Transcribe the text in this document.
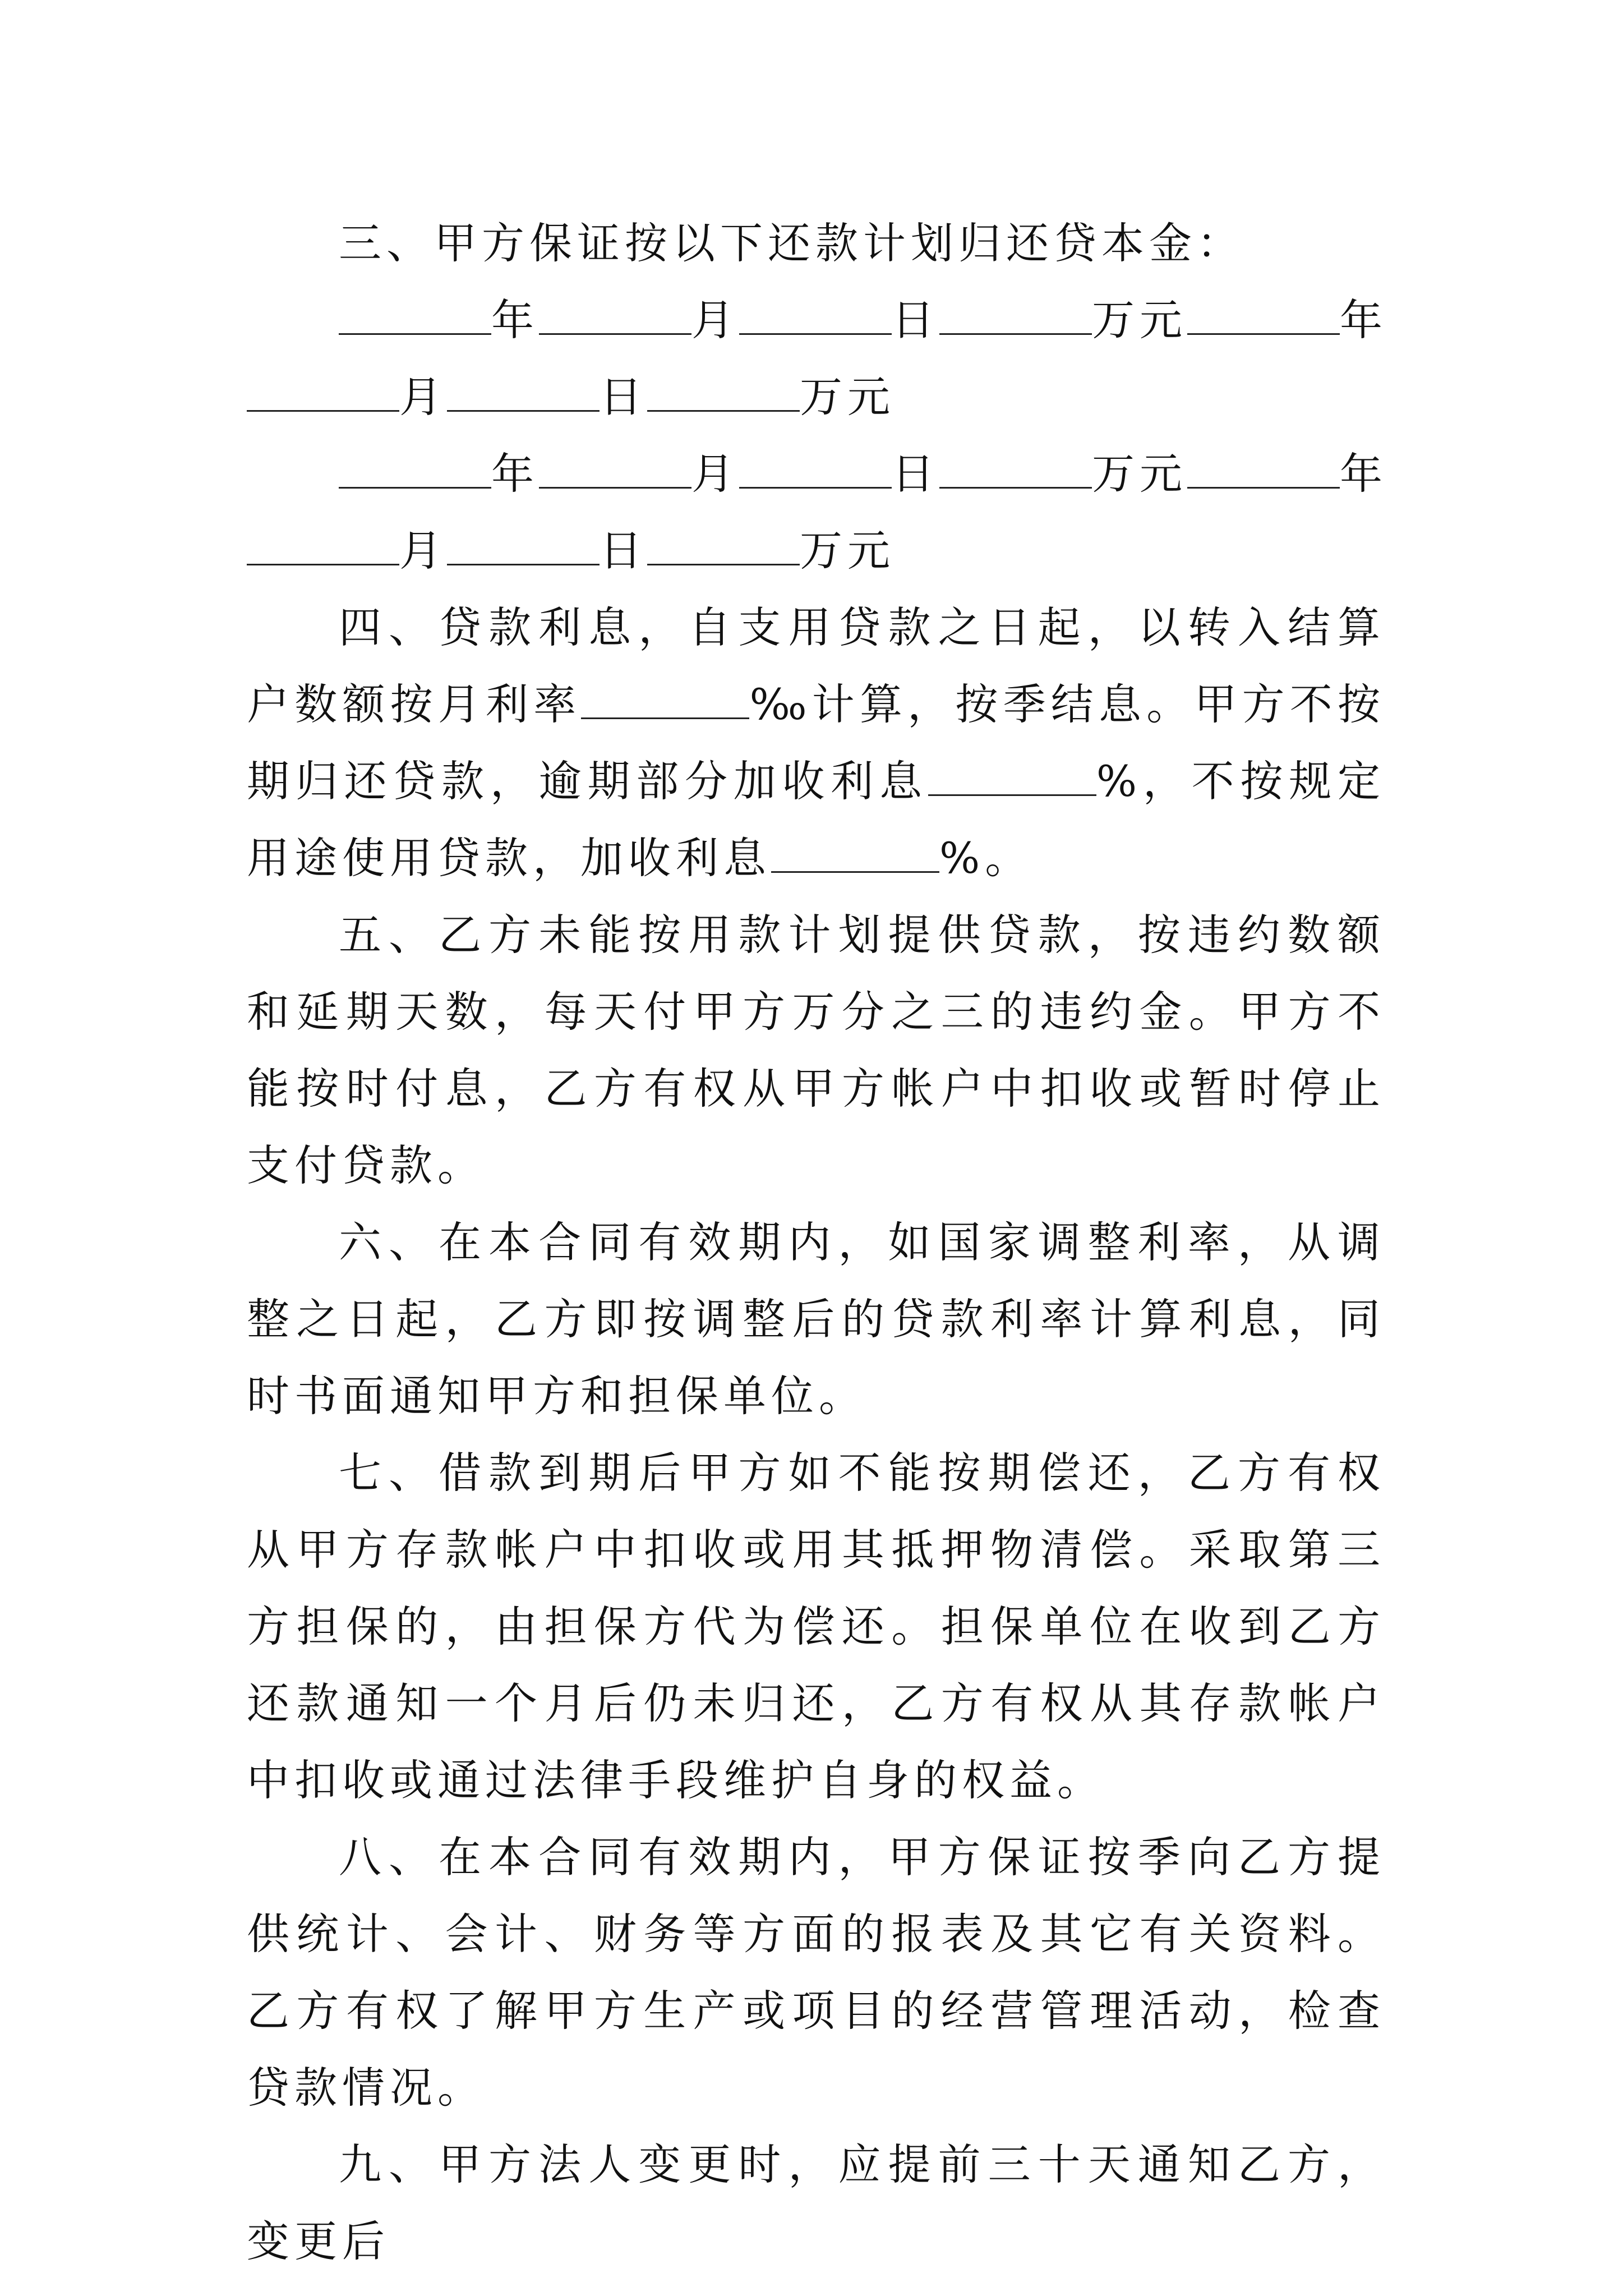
三、甲方保证按以下还款计划归还贷本金：

年	月	日	万元	年

月	日	万元

年	月	日	万元	年

月	日	万元

四、贷款利息，自支用贷款之日起，以转入结算户数额按月利率	‰计算，按季结息。甲方不按期归还贷款，逾期部分加收利息	%，不按规定用途使用贷款，加收利息	%。

五、乙方未能按用款计划提供贷款，按违约数额和延期天数，每天付甲方万分之三的违约金。甲方不能按时付息，乙方有权从甲方帐户中扣收或暂时停止支付贷款。

六、在本合同有效期内，如国家调整利率，从调整之日起，乙方即按调整后的贷款利率计算利息，同时书面通知甲方和担保单位。

七、借款到期后甲方如不能按期偿还，乙方有权从甲方存款帐户中扣收或用其抵押物清偿。采取第三方担保的，由担保方代为偿还。担保单位在收到乙方还款通知一个月后仍未归还，乙方有权从其存款帐户中扣收或通过法律手段维护自身的权益。

八、在本合同有效期内，甲方保证按季向乙方提供统计、会计、财务等方面的报表及其它有关资料。乙方有权了解甲方生产或项目的经营管理活动，检查贷款情况。

九、甲方法人变更时，应提前三十天通知乙方，变更后
